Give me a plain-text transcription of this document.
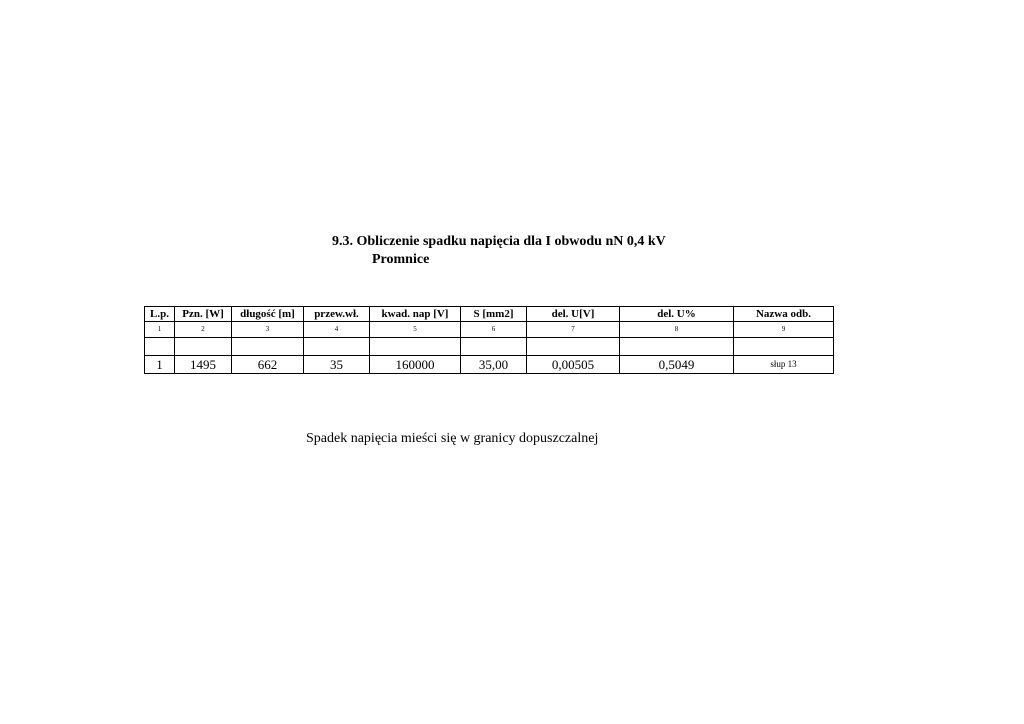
9.3. Obliczenie spadku napięcia dla I obwodu nN 0,4 kV
Promnice
L.p.	Pzn. [W]	długość [m]	przew.wł.	kwad. nap [V]	S [mm2]	del. U[V]	del. U%	Nazwa odb.
1	2	3	4	5	6	7	8	9

1	1495	662	35	160000	35,00	0,00505	0,5049	słup 13
Spadek napięcia mieści się w granicy dopuszczalnej
